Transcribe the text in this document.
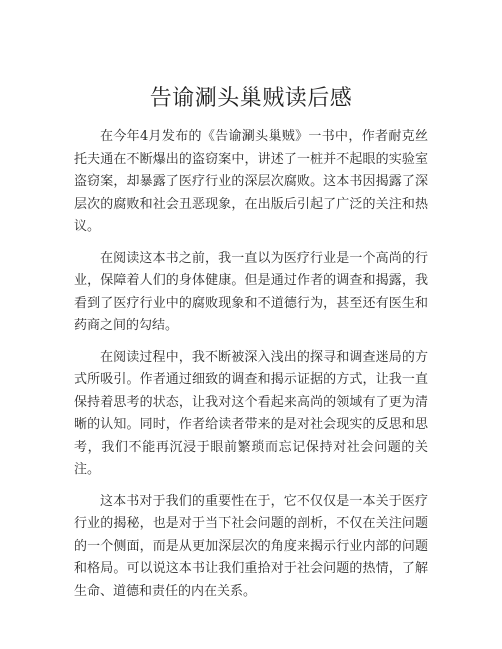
告谕涮头巢贼读后感

在今年4月发布的《告谕涮头巢贼》一书中，作者耐克丝托夫通在不断爆出的盗窃案中，讲述了一桩并不起眼的实验室盗窃案，却暴露了医疗行业的深层次腐败。这本书因揭露了深层次的腐败和社会丑恶现象，在出版后引起了广泛的关注和热议。

在阅读这本书之前，我一直以为医疗行业是一个高尚的行业，保障着人们的身体健康。但是通过作者的调查和揭露，我看到了医疗行业中的腐败现象和不道德行为，甚至还有医生和药商之间的勾结。

在阅读过程中，我不断被深入浅出的探寻和调查迷局的方式所吸引。作者通过细致的调查和揭示证据的方式，让我一直保持着思考的状态，让我对这个看起来高尚的领域有了更为清晰的认知。同时，作者给读者带来的是对社会现实的反思和思考，我们不能再沉浸于眼前繁琐而忘记保持对社会问题的关注。

这本书对于我们的重要性在于，它不仅仅是一本关于医疗行业的揭秘，也是对于当下社会问题的剖析，不仅在关注问题的一个侧面，而是从更加深层次的角度来揭示行业内部的问题和格局。可以说这本书让我们重拾对于社会问题的热情，了解生命、道德和责任的内在关系。
